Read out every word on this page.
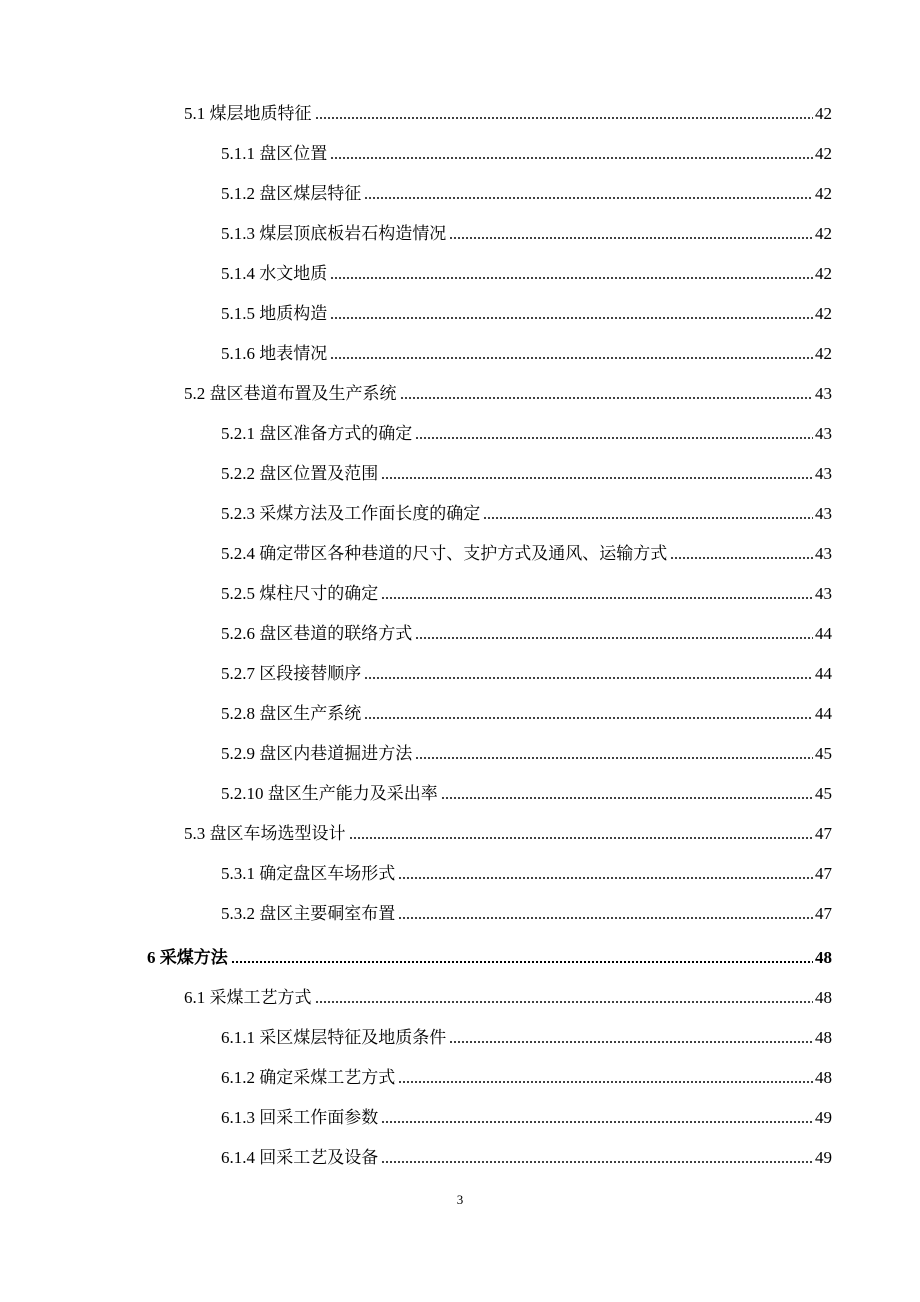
5.1 煤层地质特征	42
5.1.1 盘区位置	42
5.1.2 盘区煤层特征	42
5.1.3 煤层顶底板岩石构造情况	42
5.1.4 水文地质	42
5.1.5 地质构造	42
5.1.6 地表情况	42
5.2 盘区巷道布置及生产系统	43
5.2.1 盘区准备方式的确定	43
5.2.2 盘区位置及范围	43
5.2.3 采煤方法及工作面长度的确定	43
5.2.4 确定带区各种巷道的尺寸、支护方式及通风、运输方式	43
5.2.5 煤柱尺寸的确定	43
5.2.6 盘区巷道的联络方式	44
5.2.7 区段接替顺序	44
5.2.8 盘区生产系统	44
5.2.9 盘区内巷道掘进方法	45
5.2.10 盘区生产能力及采出率	45
5.3 盘区车场选型设计	47
5.3.1 确定盘区车场形式	47
5.3.2 盘区主要硐室布置	47
6 采煤方法	48
6.1 采煤工艺方式	48
6.1.1 采区煤层特征及地质条件	48
6.1.2 确定采煤工艺方式	48
6.1.3 回采工作面参数	49
6.1.4 回采工艺及设备	49
3
